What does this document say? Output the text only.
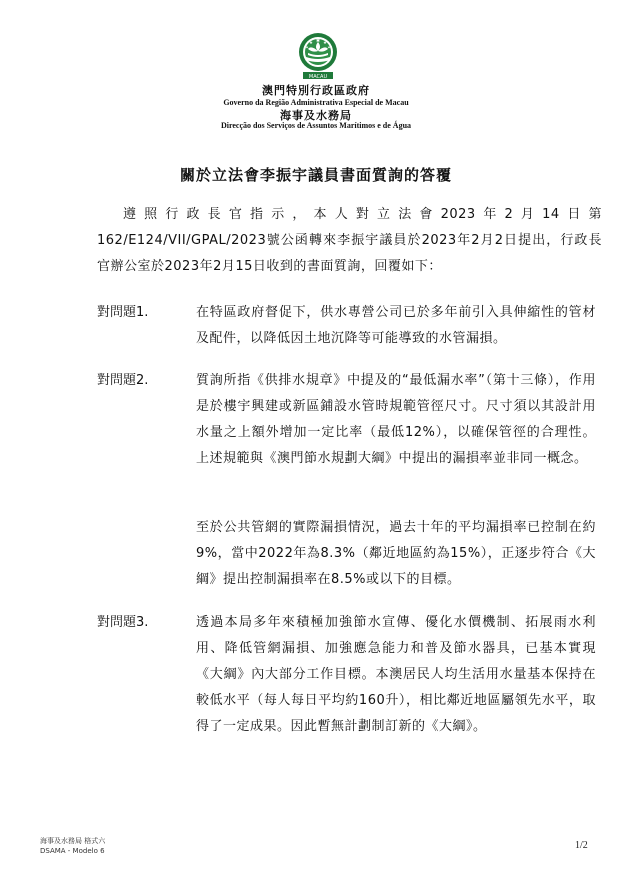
MACAU
澳門特別行政區政府
Governo da Região Administrativa Especial de Macau
海事及水務局
Direcção dos Serviços de Assuntos Marítimos e de Água
關於立法會李振宇議員書面質詢的答覆
遵照行政長官指示，本人對立法會2023年2月14日第162/E124/VII/GPAL/2023號公函轉來李振宇議員於2023年2月2日提出，行政長官辦公室於2023年2月15日收到的書面質詢，回覆如下：
對問題1.	在特區政府督促下，供水專營公司已於多年前引入具伸縮性的管材及配件，以降低因土地沉降等可能導致的水管漏損。
對問題2.	質詢所指《供排水規章》中提及的“最低漏水率”（第十三條），作用是於樓宇興建或新區鋪設水管時規範管徑尺寸。尺寸須以其設計用水量之上額外增加一定比率（最低12%），以確保管徑的合理性。上述規範與《澳門節水規劃大綱》中提出的漏損率並非同一概念。
至於公共管網的實際漏損情況，過去十年的平均漏損率已控制在約9%，當中2022年為8.3%（鄰近地區約為15%），正逐步符合《大綱》提出控制漏損率在8.5%或以下的目標。
對問題3.	透過本局多年來積極加強節水宣傳、優化水價機制、拓展雨水利用、降低管網漏損、加強應急能力和普及節水器具，已基本實現《大綱》內大部分工作目標。本澳居民人均生活用水量基本保持在較低水平（每人每日平均約160升），相比鄰近地區屬領先水平，取得了一定成果。因此暫無計劃制訂新的《大綱》。
海事及水務局 格式六
DSAMA - Modelo 6	1/2
